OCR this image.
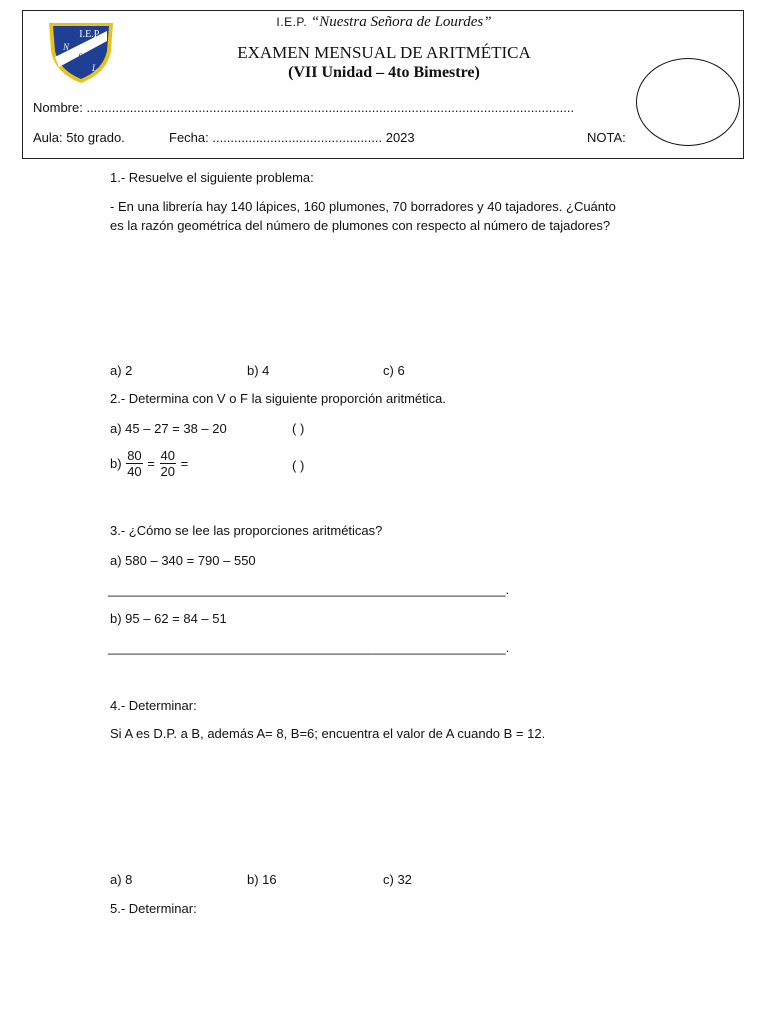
I.E.P.
N
S
L
I.E.P. “Nuestra Señora de Lourdes”
EXAMEN MENSUAL DE ARITMÉTICA
(VII Unidad – 4to Bimestre)
Nombre: .......................................................................................................................................
Aula: 5to grado.	Fecha: ............................................... 2023	NOTA:
1.- Resuelve el siguiente problema:
- En una librería hay 140 lápices, 160 plumones, 70 borradores y 40 tajadores. ¿Cuánto
es la razón geométrica del número de plumones con respecto al número de tajadores?
a) 2	b) 4	c) 6
2.- Determina con V o F la siguiente proporción aritmética.
a) 45 – 27 = 38 – 20	( )
$b) \frac{80}{40} = \frac{40}{20}$ =	( )
3.- ¿Cómo se lee las proporciones aritméticas?
a) 580 – 340 = 790 – 550
_______________________________________________________.
b) 95 – 62 = 84 – 51
_______________________________________________________.
4.- Determinar:
Si A es D.P. a B, además A= 8, B=6; encuentra el valor de A cuando B = 12.
a) 8	b) 16	c) 32
5.- Determinar:
